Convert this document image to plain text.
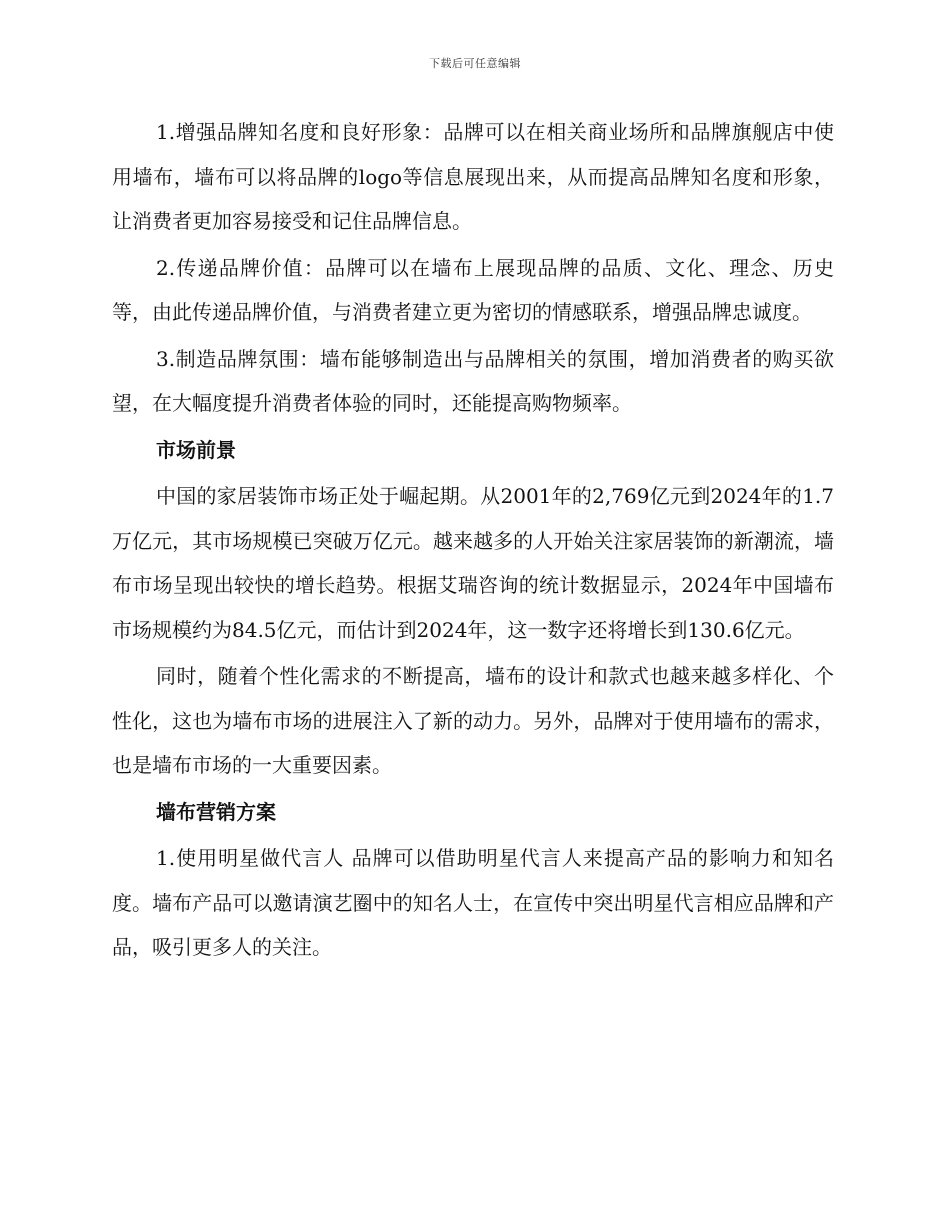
下载后可任意编辑

1.增强品牌知名度和良好形象：品牌可以在相关商业场所和品牌旗舰店中使用墙布，墙布可以将品牌的logo等信息展现出来，从而提高品牌知名度和形象，让消费者更加容易接受和记住品牌信息。

2.传递品牌价值：品牌可以在墙布上展现品牌的品质、文化、理念、历史等，由此传递品牌价值，与消费者建立更为密切的情感联系，增强品牌忠诚度。

3.制造品牌氛围：墙布能够制造出与品牌相关的氛围，增加消费者的购买欲望，在大幅度提升消费者体验的同时，还能提高购物频率。

市场前景

中国的家居装饰市场正处于崛起期。从2001年的2,769亿元到2024年的1.7万亿元，其市场规模已突破万亿元。越来越多的人开始关注家居装饰的新潮流，墙布市场呈现出较快的增长趋势。根据艾瑞咨询的统计数据显示，2024年中国墙布市场规模约为84.5亿元，而估计到2024年，这一数字还将增长到130.6亿元。

同时，随着个性化需求的不断提高，墙布的设计和款式也越来越多样化、个性化，这也为墙布市场的进展注入了新的动力。另外，品牌对于使用墙布的需求，也是墙布市场的一大重要因素。

墙布营销方案

1.使用明星做代言人 品牌可以借助明星代言人来提高产品的影响力和知名度。墙布产品可以邀请演艺圈中的知名人士，在宣传中突出明星代言相应品牌和产品，吸引更多人的关注。
